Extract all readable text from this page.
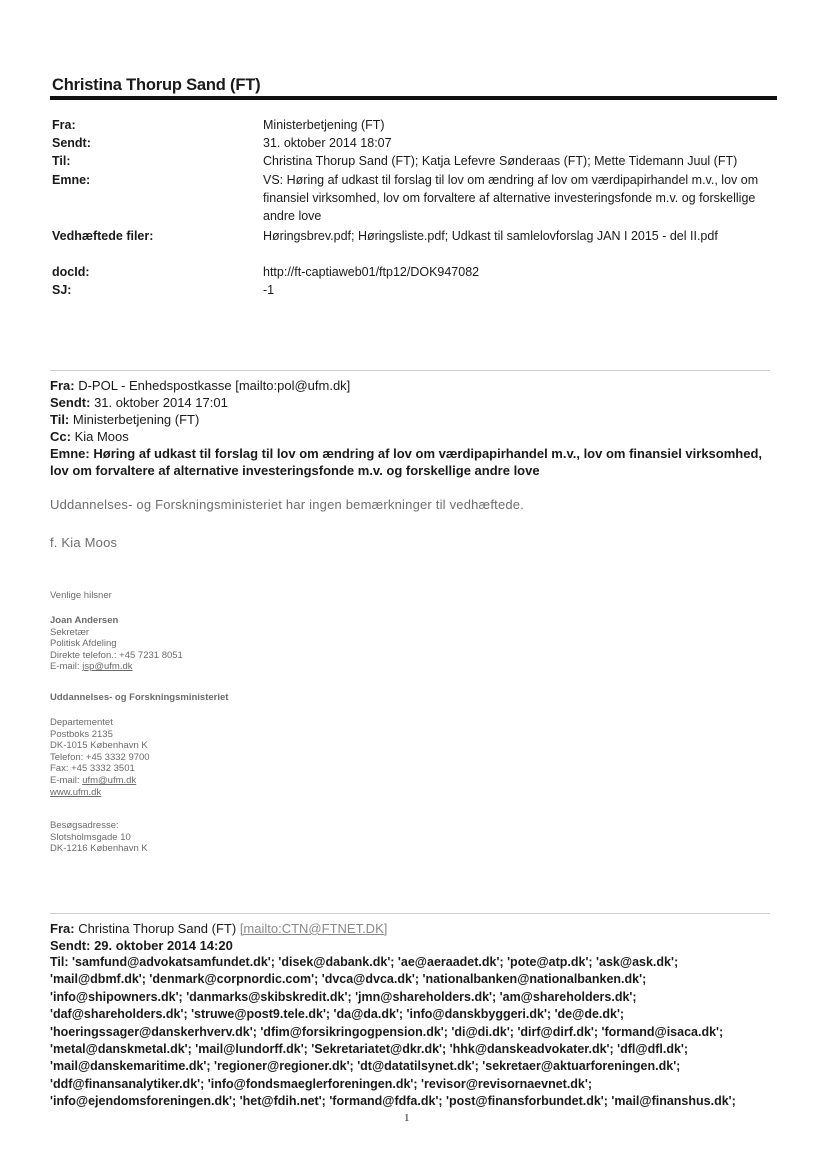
Christina Thorup Sand (FT)
Fra:	Ministerbetjening (FT)
Sendt:	31. oktober 2014 18:07
Til:	Christina Thorup Sand (FT); Katja Lefevre Sønderaas (FT); Mette Tidemann Juul (FT)
Emne:	VS: Høring af udkast til forslag til lov om ændring af lov om værdipapirhandel m.v., lov om finansiel virksomhed, lov om forvaltere af alternative investeringsfonde m.v. og forskellige andre love
Vedhæftede filer:	Høringsbrev.pdf; Høringsliste.pdf; Udkast til samlelovforslag JAN I 2015 - del II.pdf
docId:	http://ft-captiaweb01/ftp12/DOK947082
SJ:	-1
Fra: D-POL - Enhedspostkasse [mailto:pol@ufm.dk]
Sendt: 31. oktober 2014 17:01
Til: Ministerbetjening (FT)
Cc: Kia Moos
Emne: Høring af udkast til forslag til lov om ændring af lov om værdipapirhandel m.v., lov om finansiel virksomhed, lov om forvaltere af alternative investeringsfonde m.v. og forskellige andre love
Uddannelses- og Forskningsministeriet har ingen bemærkninger til vedhæftede.
f. Kia Moos
Venlige hilsner
Joan Andersen
Sekretær
Politisk Afdeling
Direkte telefon.: +45 7231 8051
E-mail: jsp@ufm.dk
Uddannelses- og Forskningsministeriet
Departementet
Postboks 2135
DK-1015 København K
Telefon: +45 3332 9700
Fax: +45 3332 3501
E-mail: ufm@ufm.dk
www.ufm.dk
Besøgsadresse:
Slotsholmsgade 10
DK-1216 København K
Fra: Christina Thorup Sand (FT) [mailto:CTN@FTNET.DK]
Sendt: 29. oktober 2014 14:20
Til: 'samfund@advokatsamfundet.dk'; 'disek@dabank.dk'; 'ae@aeraadet.dk'; 'pote@atp.dk'; 'ask@ask.dk';
'mail@dbmf.dk'; 'denmark@corpnordic.com'; 'dvca@dvca.dk'; 'nationalbanken@nationalbanken.dk';
'info@shipowners.dk'; 'danmarks@skibskredit.dk'; 'jmn@shareholders.dk'; 'am@shareholders.dk';
'daf@shareholders.dk'; 'struwe@post9.tele.dk'; 'da@da.dk'; 'info@danskbyggeri.dk'; 'de@de.dk';
'hoeringssager@danskerhverv.dk'; 'dfim@forsikringogpension.dk'; 'di@di.dk'; 'dirf@dirf.dk'; 'formand@isaca.dk';
'metal@danskmetal.dk'; 'mail@lundorff.dk'; 'Sekretariatet@dkr.dk'; 'hhk@danskeadvokater.dk'; 'dfl@dfl.dk';
'mail@danskemaritime.dk'; 'regioner@regioner.dk'; 'dt@datatilsynet.dk'; 'sekretaer@aktuarforeningen.dk';
'ddf@finansanalytiker.dk'; 'info@fondsmaeglerforeningen.dk'; 'revisor@revisornaevnet.dk';
'info@ejendomsforeningen.dk'; 'het@fdih.net'; 'formand@fdfa.dk'; 'post@finansforbundet.dk'; 'mail@finanshus.dk';
1
